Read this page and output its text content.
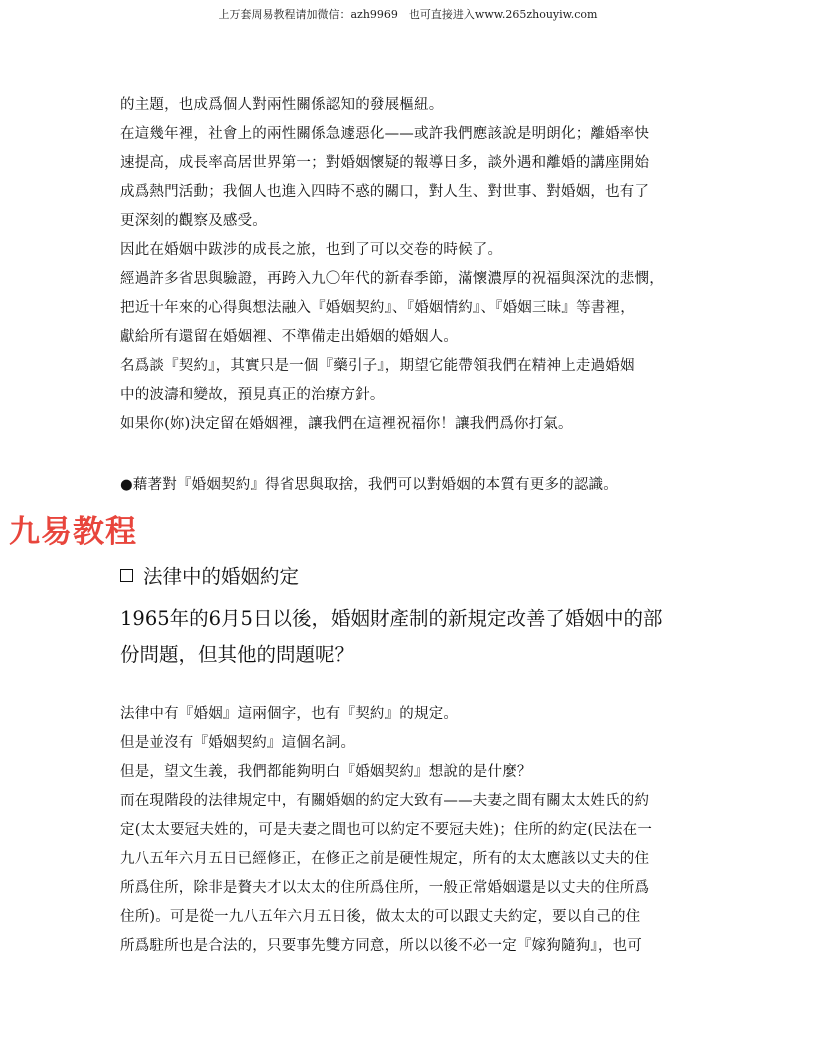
上万套周易教程请加微信：azh9969　也可直接进入www.265zhouyiw.com
的主題，也成爲個人對兩性關係認知的發展樞紐。
在這幾年裡，社會上的兩性關係急遽惡化——或許我們應該說是明朗化；離婚率快
速提高，成長率高居世界第一；對婚姻懷疑的報導日多，談外遇和離婚的講座開始
成爲熱門活動；我個人也進入四時不惑的關口，對人生、對世事、對婚姻，也有了
更深刻的觀察及感受。
因此在婚姻中跋涉的成長之旅，也到了可以交卷的時候了。
經過許多省思與驗證，再跨入九〇年代的新春季節，滿懷濃厚的祝福與深沈的悲憫，
把近十年來的心得與想法融入『婚姻契約』、『婚姻情約』、『婚姻三昧』等書裡，
獻給所有還留在婚姻裡、不準備走出婚姻的婚姻人。
名爲談『契約』，其實只是一個『藥引子』，期望它能帶領我們在精神上走過婚姻
中的波濤和變故，預見真正的治療方針。
如果你(妳)決定留在婚姻裡，讓我們在這裡祝福你！讓我們爲你打氣。
●藉著對『婚姻契約』得省思與取捨，我們可以對婚姻的本質有更多的認識。
九易教程
法律中的婚姻約定
1965年的6月5日以後，婚姻財產制的新規定改善了婚姻中的部
份問題，但其他的問題呢？
法律中有『婚姻』這兩個字，也有『契約』的規定。
但是並沒有『婚姻契約』這個名詞。
但是，望文生義，我們都能夠明白『婚姻契約』想說的是什麼？
而在現階段的法律規定中，有關婚姻的約定大致有——夫妻之間有關太太姓氏的約
定(太太要冠夫姓的，可是夫妻之間也可以約定不要冠夫姓)；住所的約定(民法在一
九八五年六月五日已經修正，在修正之前是硬性規定，所有的太太應該以丈夫的住
所爲住所，除非是贅夫才以太太的住所爲住所，一般正常婚姻還是以丈夫的住所爲
住所)。可是從一九八五年六月五日後，做太太的可以跟丈夫約定，要以自己的住
所爲駐所也是合法的，只要事先雙方同意，所以以後不必一定『嫁狗隨狗』，也可
